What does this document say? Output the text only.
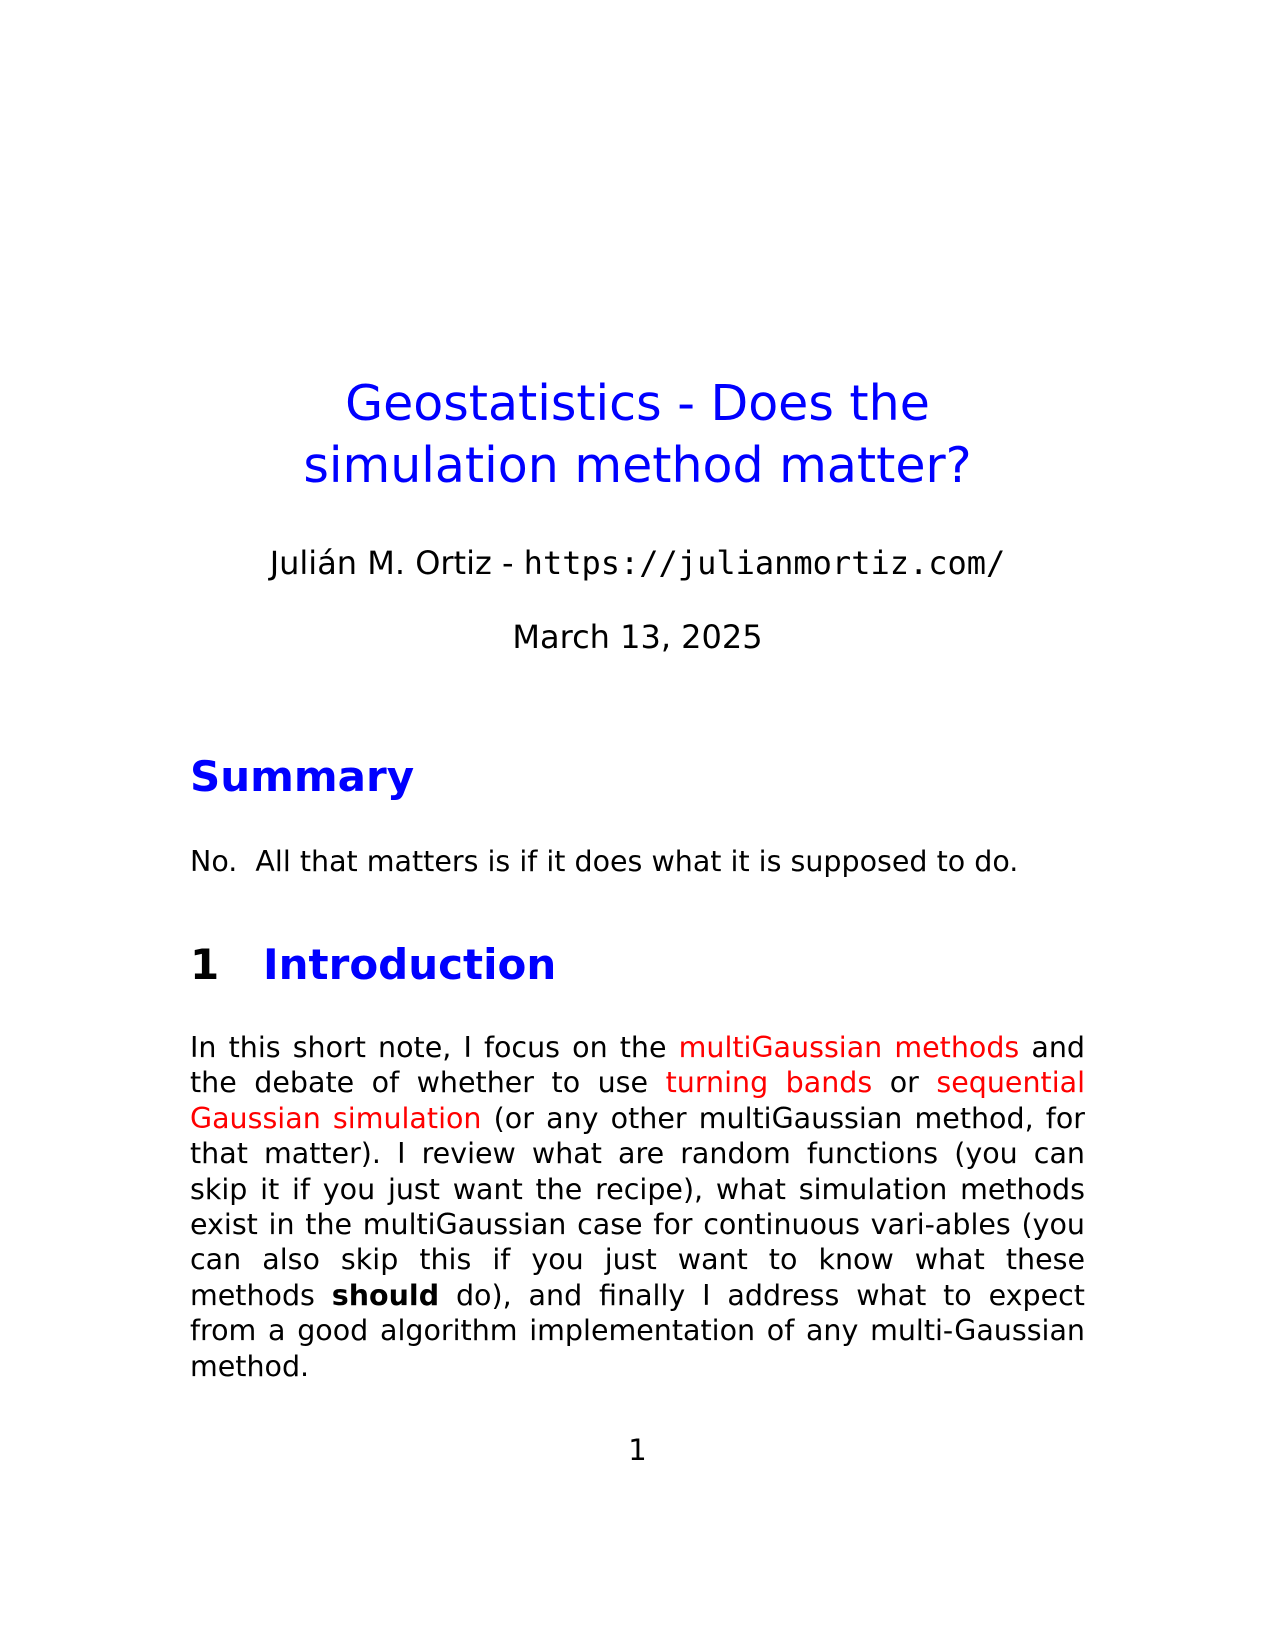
Geostatistics - Does the
simulation method matter?
Julián M. Ortiz - https://julianmortiz.com/
March 13, 2025
Summary

No.  All that matters is if it does what it is supposed to do.

1 Introduction

In this short note, I focus on the multiGaussian methods and the debate of whether to use turning bands or sequential Gaussian simulation (or any other multiGaussian method, for that matter). I review what are random functions (you can skip it if you just want the recipe), what simulation methods exist in the multiGaussian case for continuous vari-ables (you can also skip this if you just want to know what these methods should do), and finally I address what to expect from a good algorithm implementation of any multi-Gaussian method.

1
